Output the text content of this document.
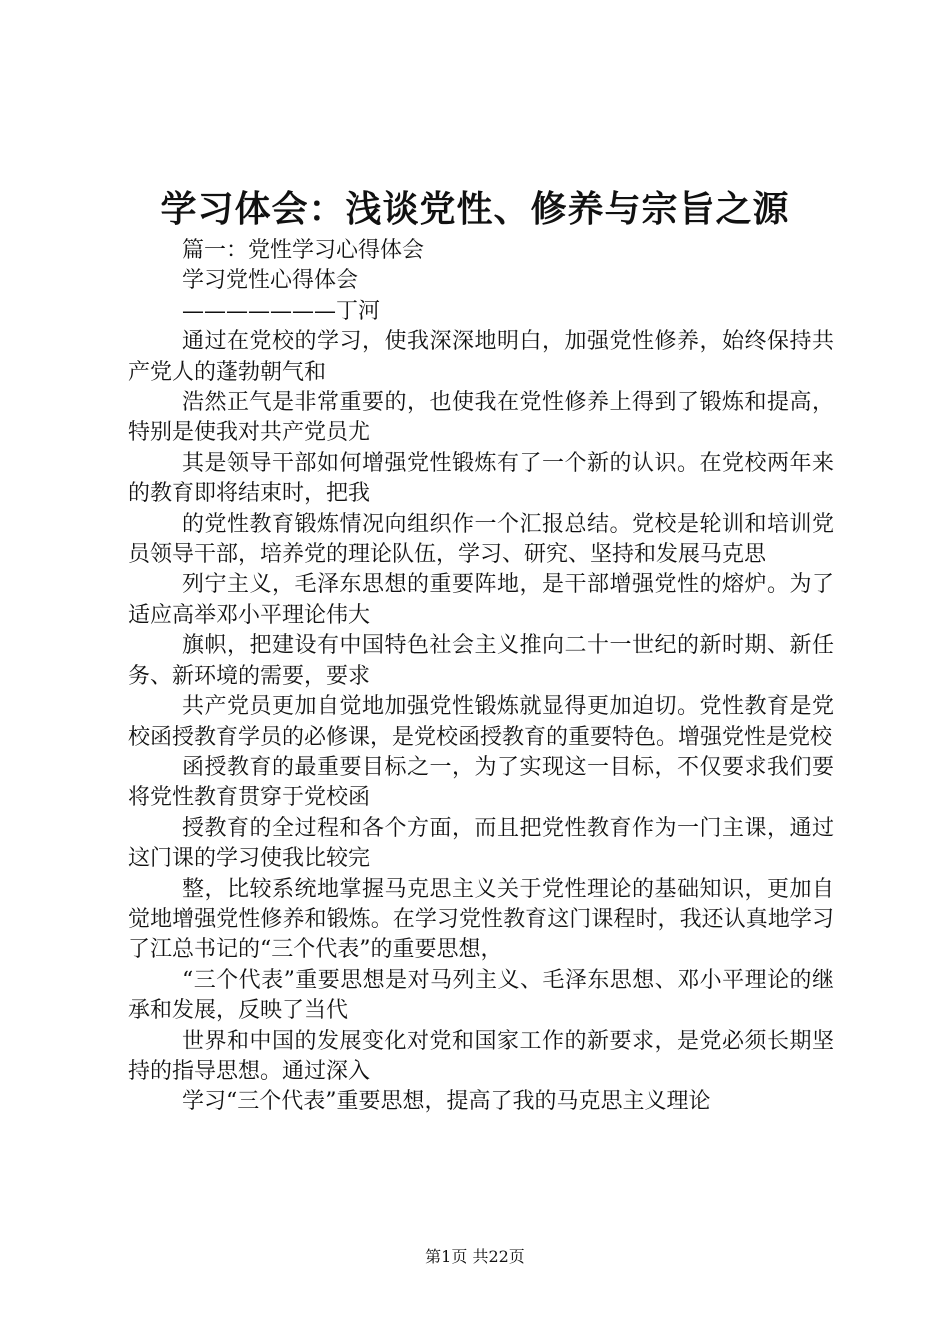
学习体会：浅谈党性、修养与宗旨之源

篇一：党性学习心得体会

学习党性心得体会

———————丁河

通过在党校的学习，使我深深地明白，加强党性修养，始终保持共产党人的蓬勃朝气和

浩然正气是非常重要的，也使我在党性修养上得到了锻炼和提高，特别是使我对共产党员尤

其是领导干部如何增强党性锻炼有了一个新的认识。在党校两年来的教育即将结束时，把我

的党性教育锻炼情况向组织作一个汇报总结。党校是轮训和培训党员领导干部，培养党的理论队伍，学习、研究、坚持和发展马克思

列宁主义，毛泽东思想的重要阵地，是干部增强党性的熔炉。为了适应高举邓小平理论伟大

旗帜，把建设有中国特色社会主义推向二十一世纪的新时期、新任务、新环境的需要，要求

共产党员更加自觉地加强党性锻炼就显得更加迫切。党性教育是党校函授教育学员的必修课，是党校函授教育的重要特色。增强党性是党校

函授教育的最重要目标之一，为了实现这一目标，不仅要求我们要将党性教育贯穿于党校函

授教育的全过程和各个方面，而且把党性教育作为一门主课，通过这门课的学习使我比较完

整，比较系统地掌握马克思主义关于党性理论的基础知识，更加自觉地增强党性修养和锻炼。在学习党性教育这门课程时，我还认真地学习了江总书记的“三个代表”的重要思想，

“三个代表”重要思想是对马列主义、毛泽东思想、邓小平理论的继承和发展，反映了当代

世界和中国的发展变化对党和国家工作的新要求，是党必须长期坚持的指导思想。通过深入

学习“三个代表”重要思想，提高了我的马克思主义理论

第1页 共22页
